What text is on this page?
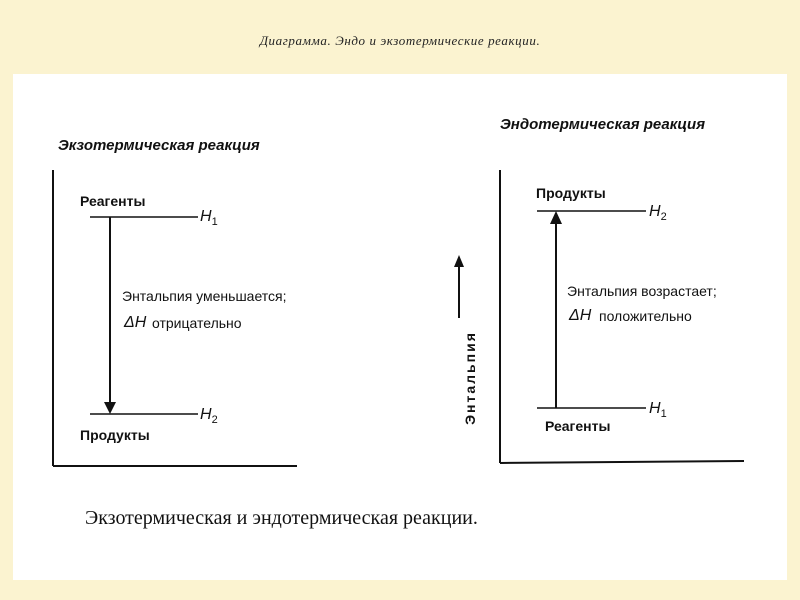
Диаграмма. Эндо и экзотермические реакции.
Экзотермическая реакция
Реагенты
$H_1$
Энтальпия уменьшается;
ΔH отрицательно
$H_2$
Продукты
Эндотермическая реакция
Продукты
$H_2$
Энтальпия возрастает;
ΔH положительно
$H_1$
Реагенты
Энтальпия
Экзотермическая и эндотермическая реакции.
